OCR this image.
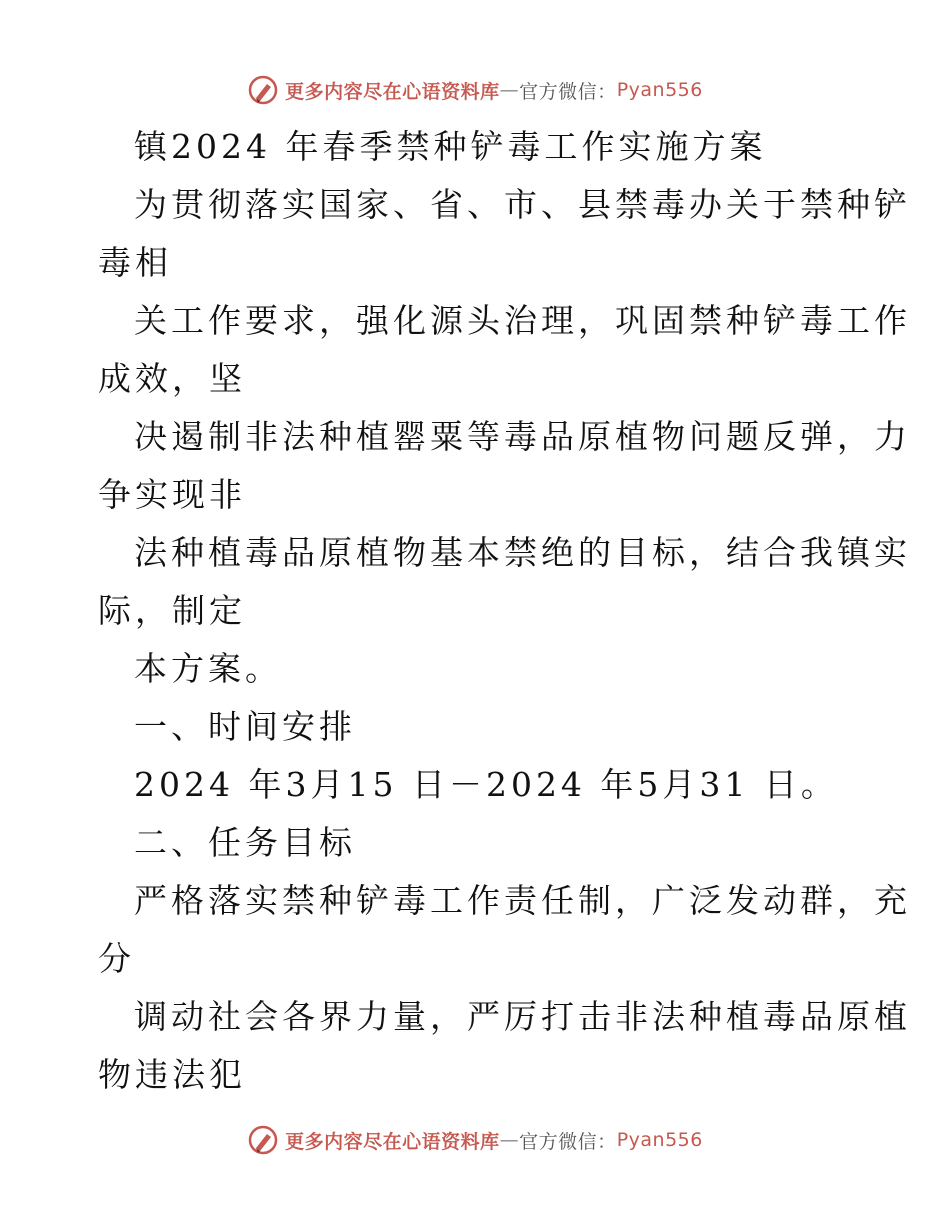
更多内容尽在心语资料库 — 官方微信： Pyan556
镇2024 年春季禁种铲毒工作实施方案
为贯彻落实国家、省、市、县禁毒办关于禁种铲
毒相
关工作要求，强化源头治理，巩固禁种铲毒工作
成效，坚
决遏制非法种植罂粟等毒品原植物问题反弹，力
争实现非
法种植毒品原植物基本禁绝的目标，结合我镇实
际，制定
本方案。
一、时间安排
2024 年3月15 日－2024 年5月31 日。
二、任务目标
严格落实禁种铲毒工作责任制，广泛发动群，充
分
调动社会各界力量，严厉打击非法种植毒品原植
物违法犯
更多内容尽在心语资料库 — 官方微信： Pyan556
